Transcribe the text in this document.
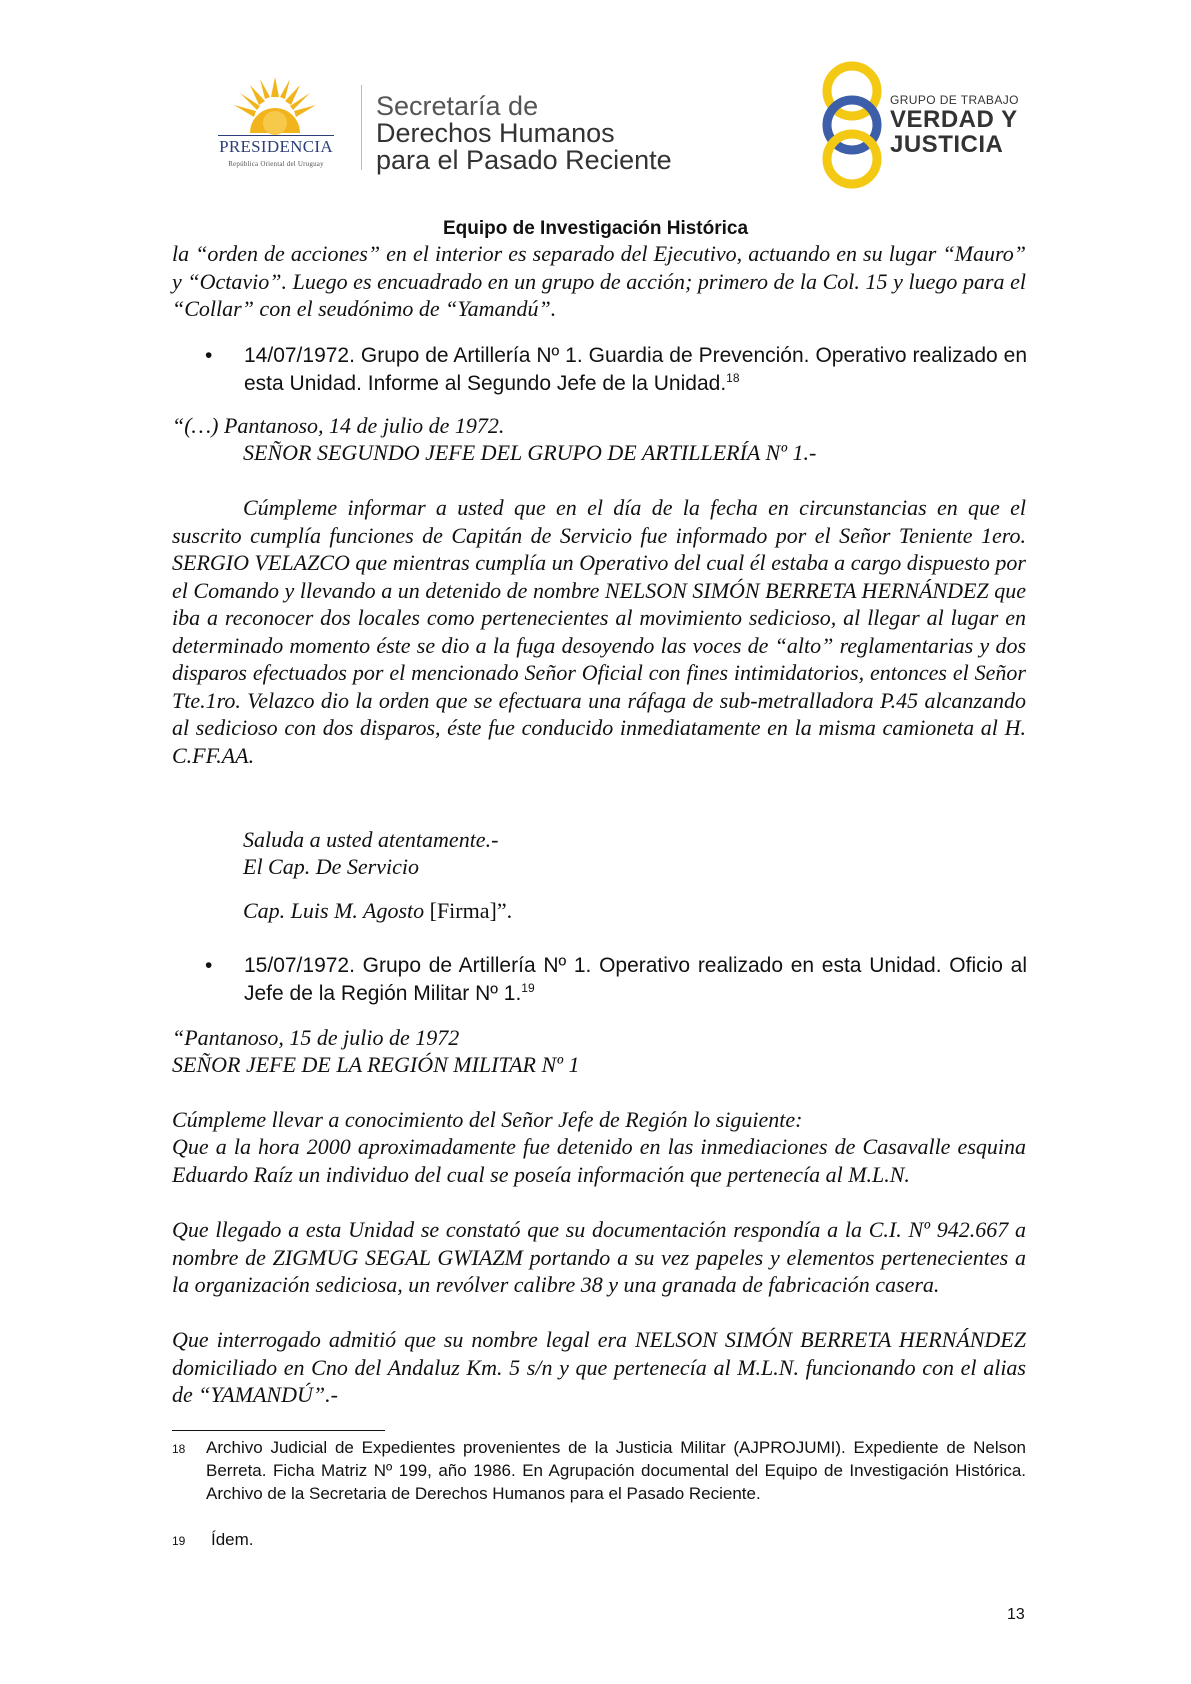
PRESIDENCIA
República Oriental del Uruguay
Secretaría de
Derechos Humanos
para el Pasado Reciente
GRUPO DE TRABAJO
VERDAD Y
JUSTICIA
Equipo de Investigación Histórica
la “orden de acciones” en el interior es separado del Ejecutivo, actuando en su lugar “Mauro” y “Octavio”. Luego es encuadrado en un grupo de acción; primero de la Col. 15 y luego para el “Collar” con el seudónimo de “Yamandú”.
• 14/07/1972. Grupo de Artillería Nº 1. Guardia de Prevención. Operativo realizado en esta Unidad. Informe al Segundo Jefe de la Unidad.$^{18}$
“(…) Pantanoso, 14 de julio de 1972.
SEÑOR SEGUNDO JEFE DEL GRUPO DE ARTILLERÍA Nº 1.-
Cúmpleme informar a usted que en el día de la fecha en circunstancias en que el suscrito cumplía funciones de Capitán de Servicio fue informado por el Señor Teniente 1ero. SERGIO VELAZCO que mientras cumplía un Operativo del cual él estaba a cargo dispuesto por el Comando y llevando a un detenido de nombre NELSON SIMÓN BERRETA HERNÁNDEZ que iba a reconocer dos locales como pertenecientes al movimiento sedicioso, al llegar al lugar en determinado momento éste se dio a la fuga desoyendo las voces de “alto” reglamentarias y dos disparos efectuados por el mencionado Señor Oficial con fines intimidatorios, entonces el Señor Tte.1ro. Velazco dio la orden que se efectuara una ráfaga de sub-metralladora P.45 alcanzando al sedicioso con dos disparos, éste fue conducido inmediatamente en la misma camioneta al H. C.FF.AA.
Saluda a usted atentamente.-
El Cap. De Servicio
Cap. Luis M. Agosto [Firma]”.
• 15/07/1972. Grupo de Artillería Nº 1. Operativo realizado en esta Unidad. Oficio al Jefe de la Región Militar Nº 1.19
“Pantanoso, 15 de julio de 1972
SEÑOR JEFE DE LA REGIÓN MILITAR Nº 1
Cúmpleme llevar a conocimiento del Señor Jefe de Región lo siguiente:
Que a la hora 2000 aproximadamente fue detenido en las inmediaciones de Casavalle esquina Eduardo Raíz un individuo del cual se poseía información que pertenecía al M.L.N.
Que llegado a esta Unidad se constató que su documentación respondía a la C.I. Nº 942.667 a nombre de ZIGMUG SEGAL GWIAZM portando a su vez papeles y elementos pertenecientes a la organización sediciosa, un revólver calibre 38 y una granada de fabricación casera.
Que interrogado admitió que su nombre legal era NELSON SIMÓN BERRETA HERNÁNDEZ domiciliado en Cno del Andaluz Km. 5 s/n y que pertenecía al M.L.N. funcionando con el alias de “YAMANDÚ”.-
18	Archivo Judicial de Expedientes provenientes de la Justicia Militar (AJPROJUMI). Expediente de Nelson Berreta. Ficha Matriz Nº 199, año 1986. En Agrupación documental del Equipo de Investigación Histórica. Archivo de la Secretaria de Derechos Humanos para el Pasado Reciente.
19	Ídem.
13
